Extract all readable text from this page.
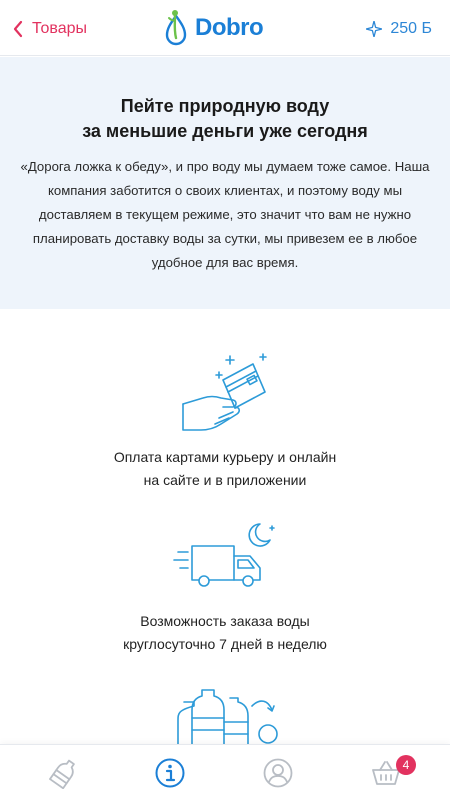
Товары	Dobro	250 Б
Пейте природную воду
за меньшие деньги уже сегодня

«Дорога ложка к обеду», и про воду мы думаем тоже самое. Наша компания заботится о своих клиентах, и поэтому воду мы доставляем в текущем режиме, это значит что вам не нужно планировать доставку воды за сутки, мы привезем ее в любое удобное для вас время.

Оплата картами курьеру и онлайн
на сайте и в приложении
Возможность заказа воды
круглосуточно 7 дней в неделю
4
